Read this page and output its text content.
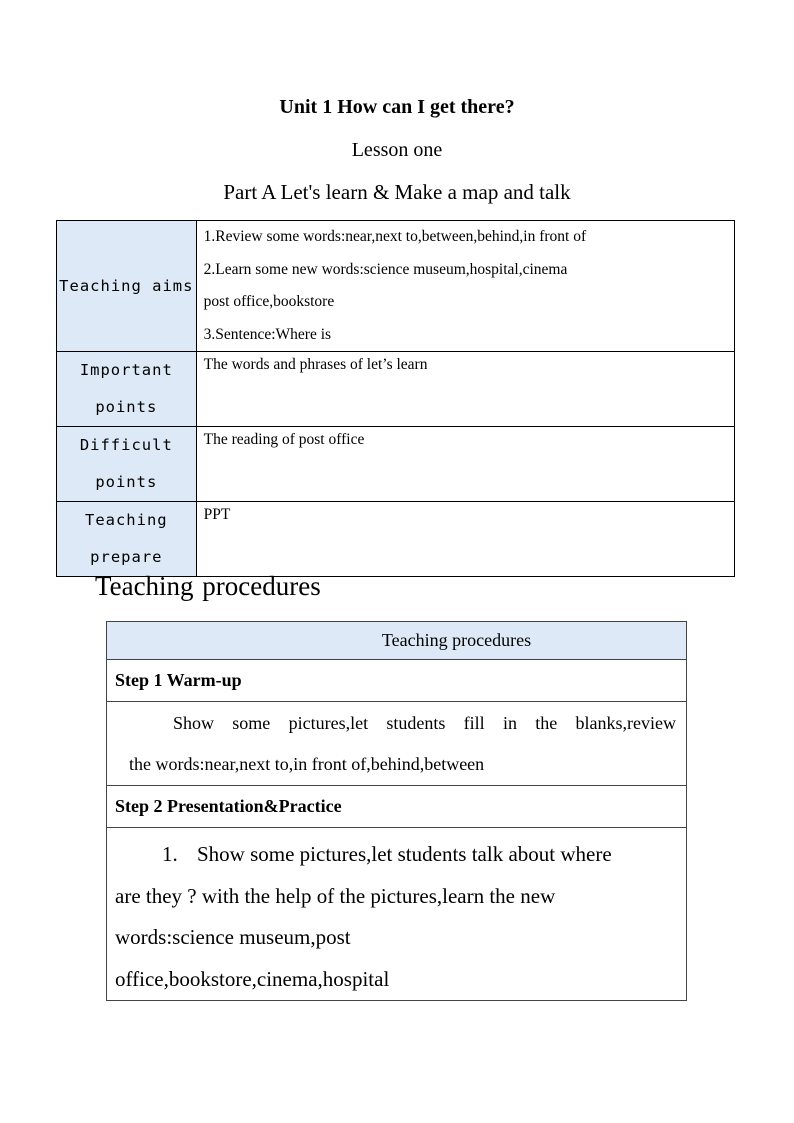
Unit 1 How can I get there?
Lesson one
Part A Let's learn & Make a map and talk
Teaching aims	1.Review some words:near,next to,between,behind,in front of
2.Learn some new words:science museum,hospital,cinema
post office,bookstore
3.Sentence:Where is

Important
points	The words and phrases of let’s learn

Difficult
points	The reading of post office

Teaching
prepare	PPT
Teaching procedures
Teaching procedures
Step 1 Warm-up

Show some pictures,let students fill in the blanks,review
the words:near,next to,in front of,behind,between

Step 2 Presentation&Practice

1. Show some pictures,let students talk about where
are they ? with the help of the pictures,learn the new
words:science museum,post
office,bookstore,cinema,hospital
